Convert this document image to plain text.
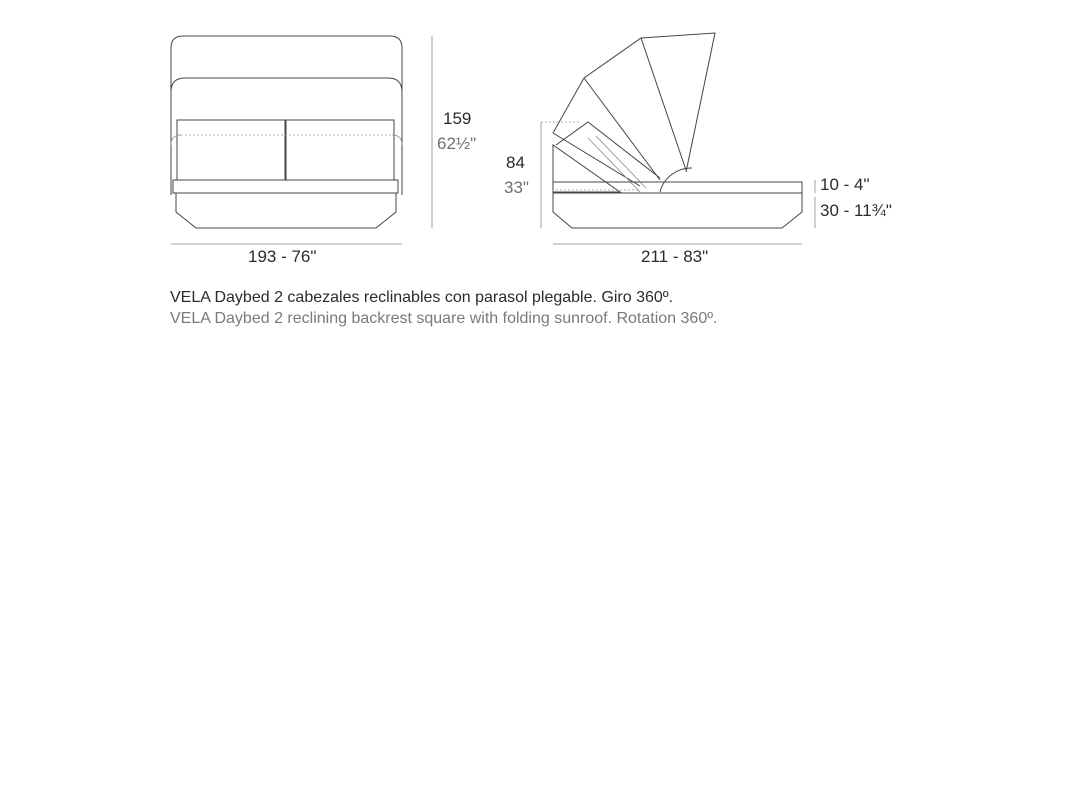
159
62½"
193 - 76"
84
33"
211 - 83"
10 - 4"
30 - 11¾"
VELA Daybed 2 cabezales reclinables con parasol plegable. Giro 360º.
VELA Daybed 2 reclining backrest square with folding sunroof. Rotation 360º.
